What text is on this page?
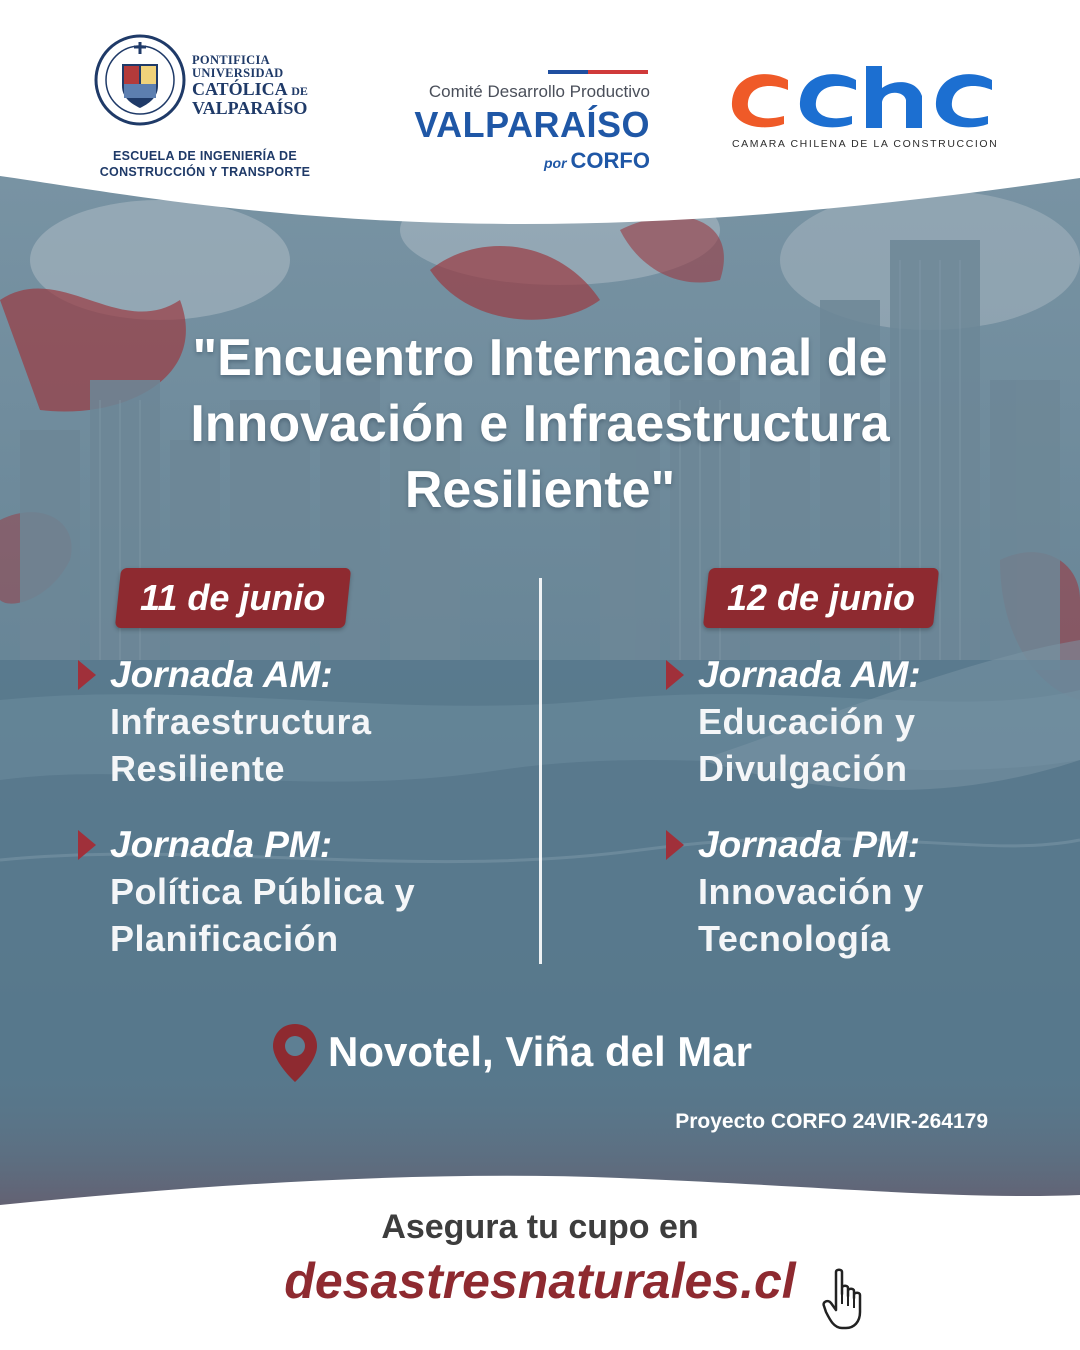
PONTIFICIA
UNIVERSIDAD
CATÓLICA DE
VALPARAÍSO
ESCUELA DE INGENIERÍA DE
CONSTRUCCIÓN Y TRANSPORTE
Comité Desarrollo Productivo
VALPARAÍSO
por CORFO
CAMARA CHILENA DE LA CONSTRUCCION
"Encuentro Internacional de
Innovación e Infraestructura
Resiliente"
11 de junio
Jornada AM:
Infraestructura
Resiliente
Jornada PM:
Política Pública y
Planificación
12 de junio
Jornada AM:
Educación y
Divulgación
Jornada PM:
Innovación y
Tecnología
Novotel, Viña del Mar
Proyecto CORFO 24VIR-264179
Asegura tu cupo en
desastresnaturales.cl
